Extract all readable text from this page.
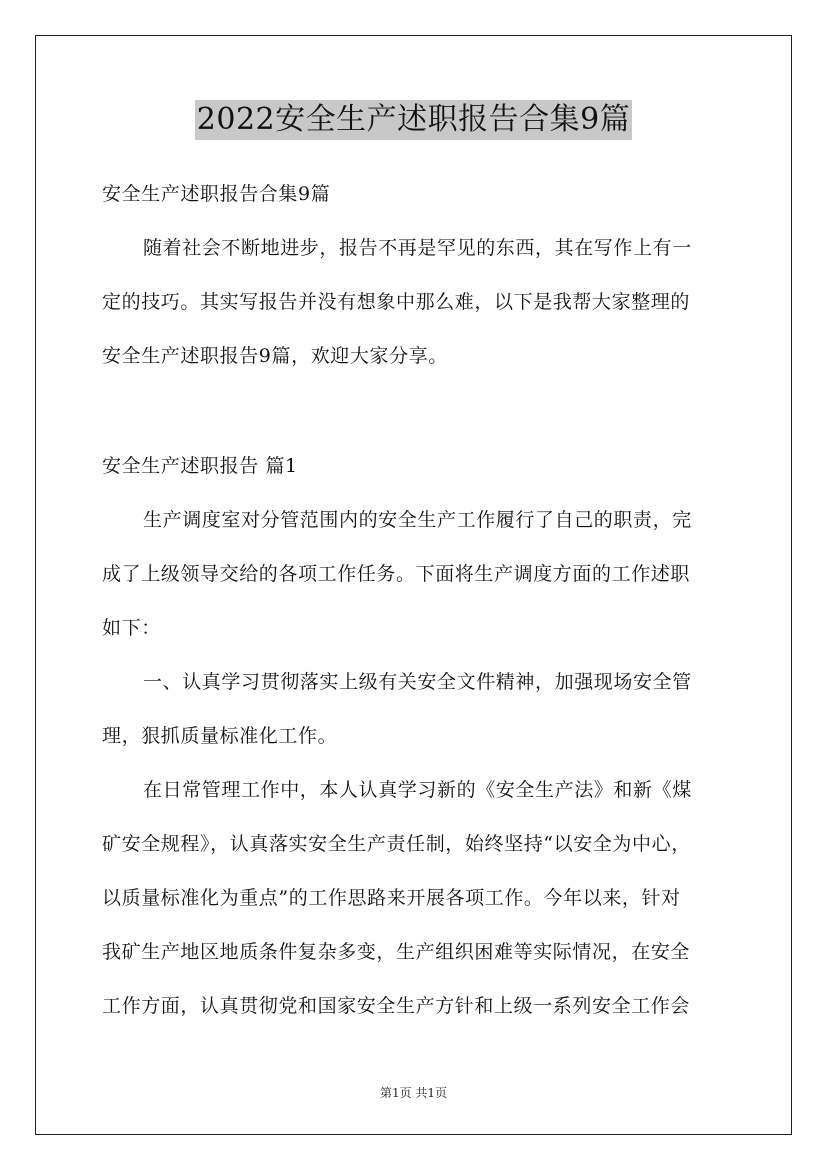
2022安全生产述职报告合集9篇
安全生产述职报告合集9篇
随着社会不断地进步，报告不再是罕见的东西，其在写作上有一
定的技巧。其实写报告并没有想象中那么难，以下是我帮大家整理的
安全生产述职报告9篇，欢迎大家分享。
安全生产述职报告 篇1
生产调度室对分管范围内的安全生产工作履行了自己的职责，完
成了上级领导交给的各项工作任务。下面将生产调度方面的工作述职
如下：
一、认真学习贯彻落实上级有关安全文件精神，加强现场安全管
理，狠抓质量标准化工作。
在日常管理工作中，本人认真学习新的《安全生产法》和新《煤
矿安全规程》，认真落实安全生产责任制，始终坚持“以安全为中心，
以质量标准化为重点”的工作思路来开展各项工作。今年以来，针对
我矿生产地区地质条件复杂多变，生产组织困难等实际情况，在安全
工作方面，认真贯彻党和国家安全生产方针和上级一系列安全工作会
第1页 共1页
